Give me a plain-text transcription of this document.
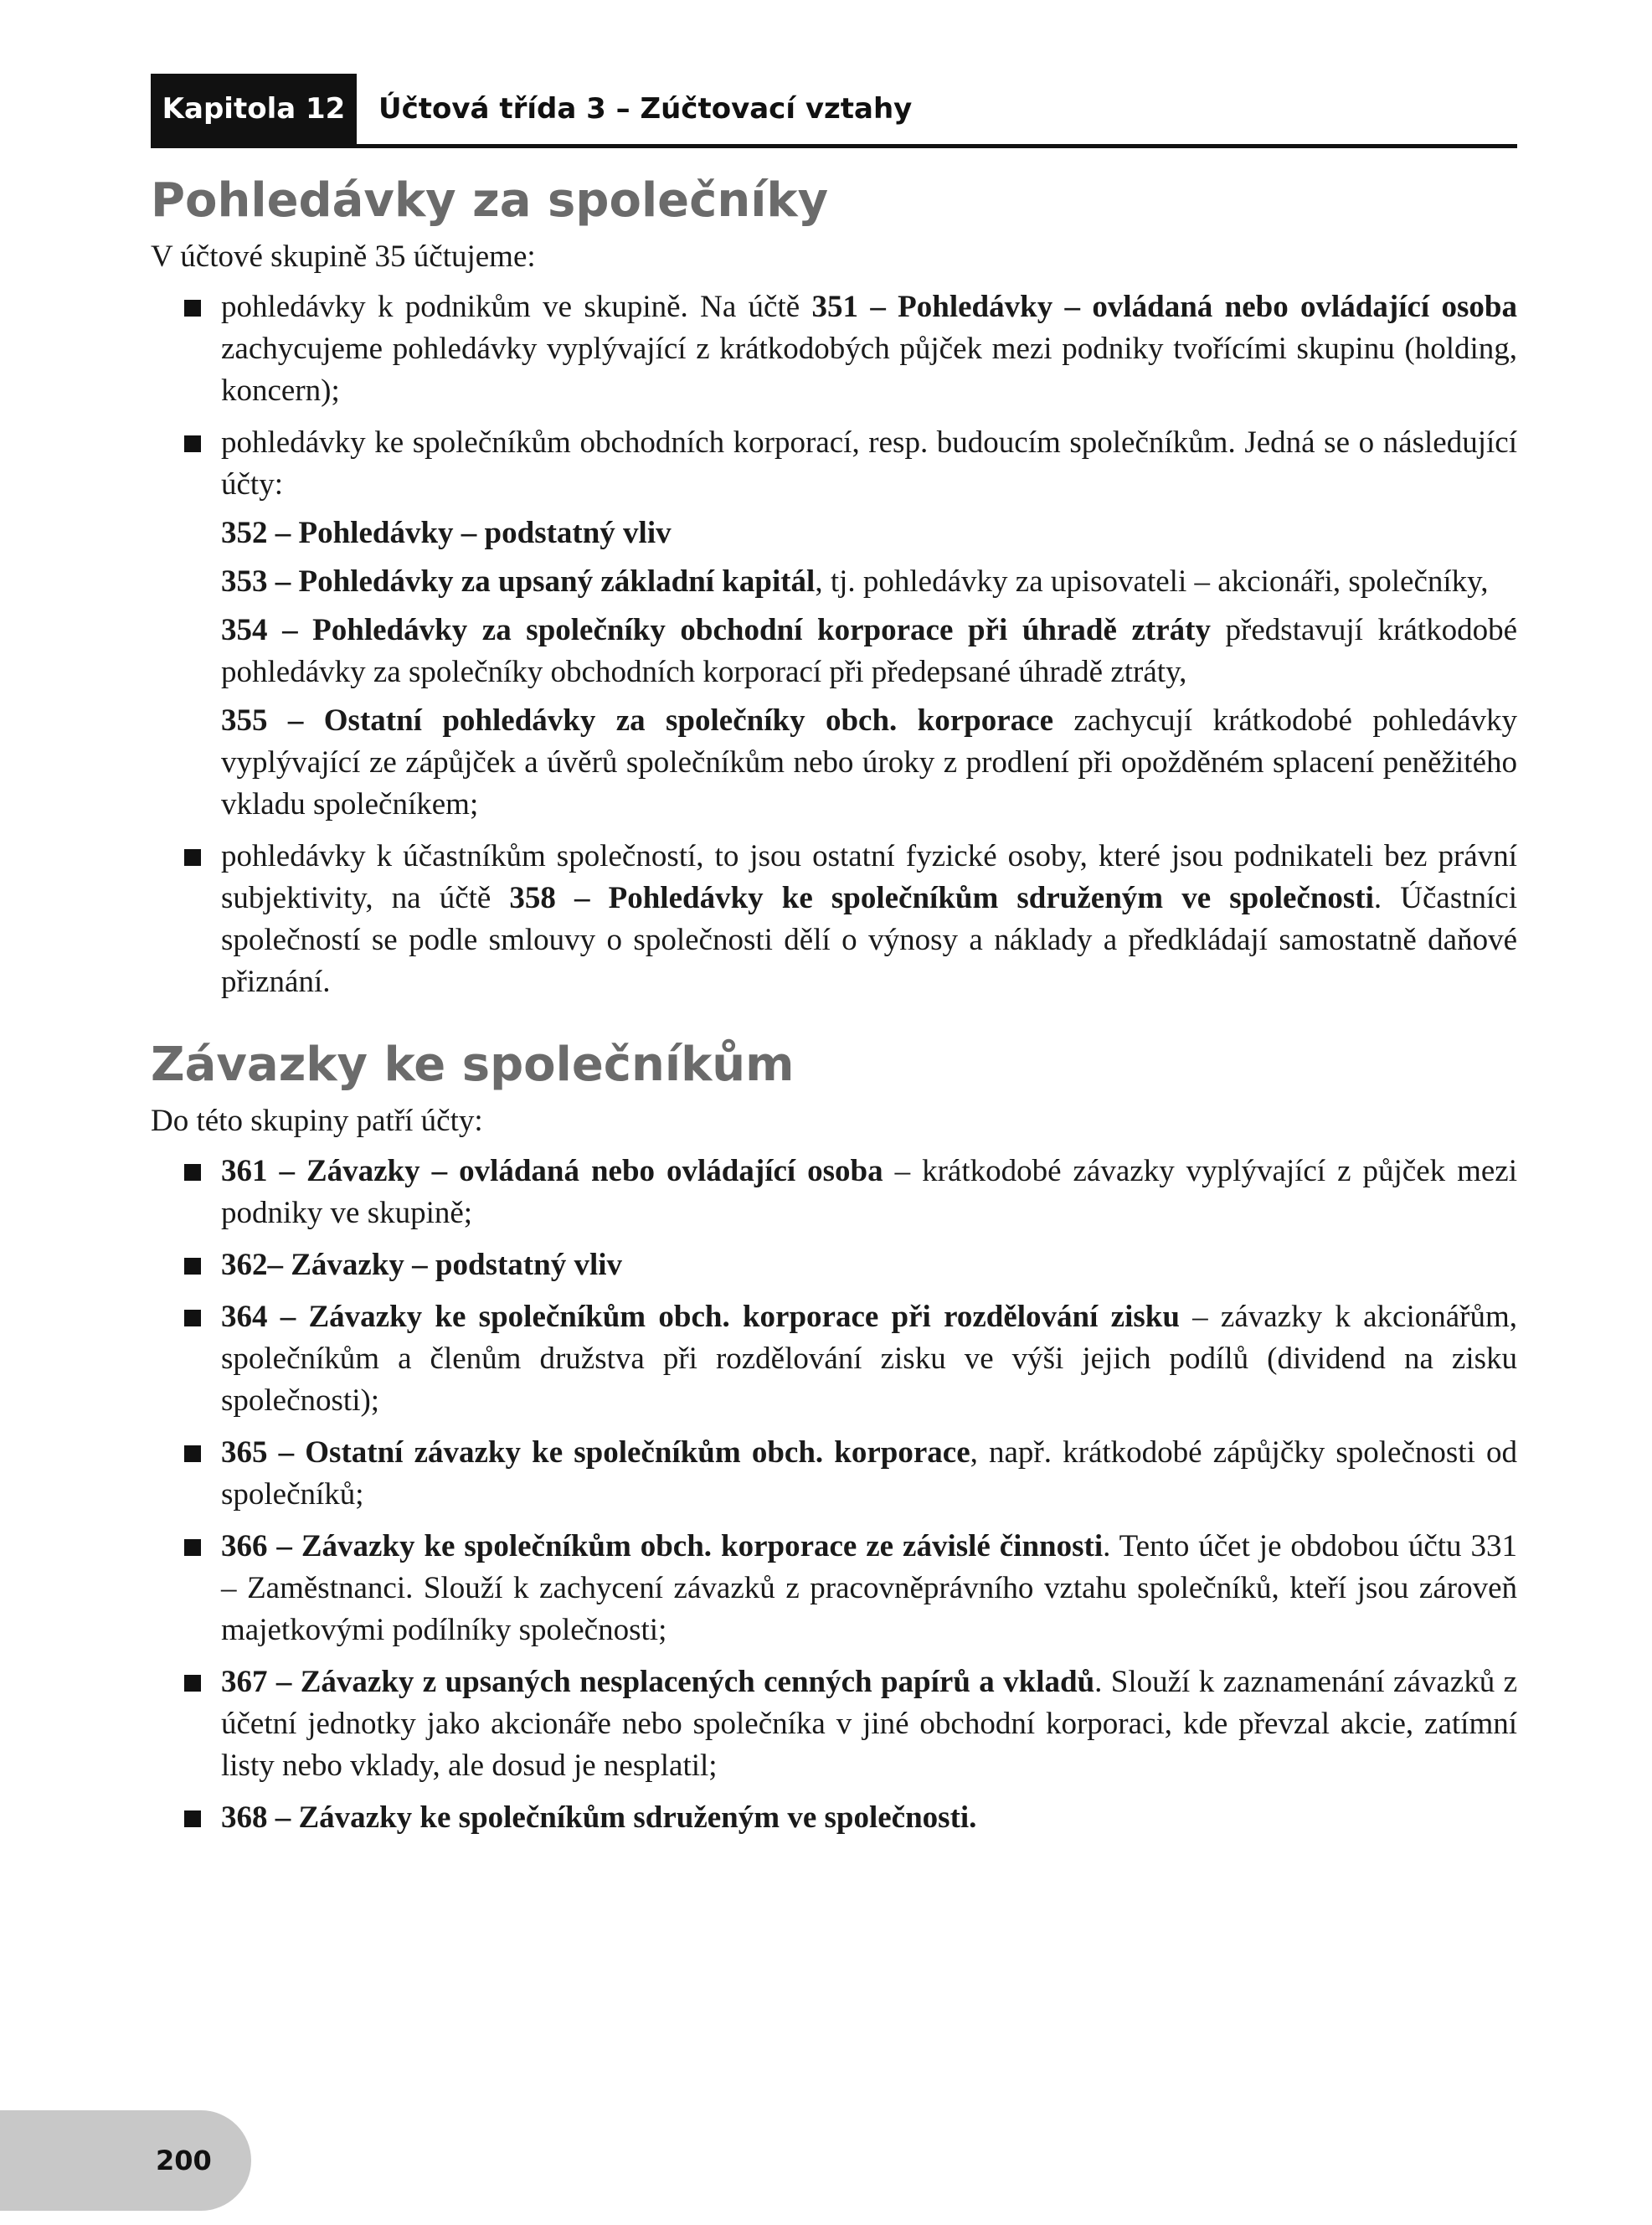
Kapitola 12	Účtová třída 3 – Zúčtovací vztahy
Pohledávky za společníky

V účtové skupině 35 účtujeme:

pohledávky k podnikům ve skupině. Na účtě 351 – Pohledávky – ovládaná nebo ovládající osoba zachycujeme pohledávky vyplývající z krátkodobých půjček mezi podniky tvořícími skupinu (holding, koncern);
pohledávky ke společníkům obchodních korporací, resp. budoucím společníkům. Jedná se o následující účty:

352 – Pohledávky – podstatný vliv

353 – Pohledávky za upsaný základní kapitál, tj. pohledávky za upisovateli – akcionáři, společníky,

354 – Pohledávky za společníky obchodní korporace při úhradě ztráty představují krátkodobé pohledávky za společníky obchodních korporací při předepsané úhradě ztráty,

355 – Ostatní pohledávky za společníky obch. korporace zachycují krátkodobé pohledávky vyplývající ze zápůjček a úvěrů společníkům nebo úroky z prodlení při opožděném splacení peněžitého vkladu společníkem;

pohledávky k účastníkům společností, to jsou ostatní fyzické osoby, které jsou podnikateli bez právní subjektivity, na účtě 358 – Pohledávky ke společníkům sdruženým ve společnosti. Účastníci společností se podle smlouvy o společnosti dělí o výnosy a náklady a předkládají samostatně daňové přiznání.
Závazky ke společníkům

Do této skupiny patří účty:

361 – Závazky – ovládaná nebo ovládající osoba – krátkodobé závazky vyplývající z půjček mezi podniky ve skupině;
362– Závazky – podstatný vliv
364 – Závazky ke společníkům obch. korporace při rozdělování zisku – závazky k akcionářům, společníkům a členům družstva při rozdělování zisku ve výši jejich podílů (dividend na zisku společnosti);
365 – Ostatní závazky ke společníkům obch. korporace, např. krátkodobé zápůjčky společnosti od společníků;
366 – Závazky ke společníkům obch. korporace ze závislé činnosti. Tento účet je obdobou účtu 331 – Zaměstnanci. Slouží k zachycení závazků z pracovněprávního vztahu společníků, kteří jsou zároveň majetkovými podílníky společnosti;
367 – Závazky z upsaných nesplacených cenných papírů a vkladů. Slouží k zaznamenání závazků z účetní jednotky jako akcionáře nebo společníka v jiné obchodní korporaci, kde převzal akcie, zatímní listy nebo vklady, ale dosud je nesplatil;
368 – Závazky ke společníkům sdruženým ve společnosti.
200
